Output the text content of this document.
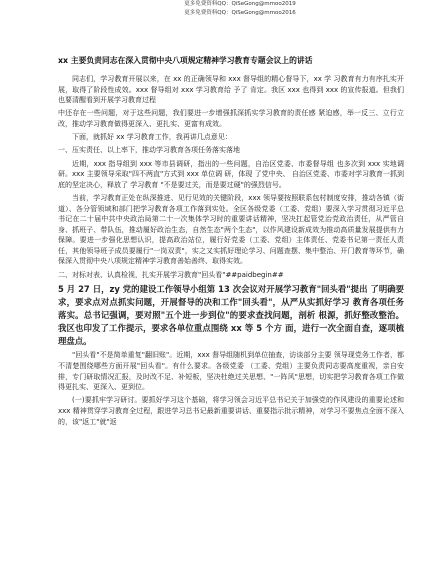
更多免费资料QQ：QiSeGong@mmoo2019
更多免费资料QQ：QiSeGong@mmoo2016
xx 主要负责同志在深入贯彻中央八项规定精神学习教育专题会议上的讲话

同志们，学习教育开展以来，在 xx 的正确领导和 xxx 督导组的精心督导下，xx 学 习教育有力有序扎实开展，取得了阶段性成效。xxx 督导组对 xxx 学习教育给 予了 肯定。我区 xxx 也得到 xxx 的宣传报道。但我们也要清醒看到开展学习教育过程

中还存在一些问题，对于这些问题，我们要进一步增强抓深抓实学习教育的责任感 紧迫感，举一反三、立行立改，推动学习教育做得更深入、更扎实、更富有成效。

下面，就抓好 xx 学习教育工作，我再讲几点意见：

一、压实责任、以上率下，推动学习教育各项任务落实落地

近期，xxx 指导组到 xxx 等市县调研，指出的一些问题，自治区党委、市委督导组 也多次到 xxx 实地调研。xxx 主要领导采取"四不两直"方式到 xxx 单位调 研，体现 了党中央、 自治区党委、市委对学习教育一抓到底的坚定决心，释放了 学习教育 "不是要过关，而是要过硬"的强烈信号。

当前，学习教育正处在纵深推进、见行见效的关键阶段，xxx 领导要按照联系包村制度安排，推动各镇（街道）、各分管领域和部门把学习教育各项工作落到实处。全区各级党委（工委、党组）要深入学习贯彻习近平总书记在二十届中共中央政治局第二十一次集体学习时的重要讲话精神，坚决扛起管党治党政治责任，从严管自身、抓班子、带队伍，推动履好政治生态，自然生态"两个生态"，以作风建设新成效为推动高质量发展提供有力保障。要进一步强化思想认识，提高政治站位，履行好党委（工委、党组）主体责任、党委书记第一责任人责任，其他领导班子成员要履行"一岗双责"，实之又实抓好理论学习、问题查摆、集中整治、开门教育等环节，确保深入贯彻中央八项规定精神学习教育善始善终、取得实效。

二、对标对表、认真检视，扎实开展学习教育"回头看"##paidbegin##

5 月 27 日，zy 党的建设工作领导小组第 13 次会议对开展学习教育"回头看"提出 了明确要求，要求点对点抓实问题，开展督导的决和工作"回头看"，从严从实抓好学习 教育各项任务落实。总书记强调，要对照"五个进一步到位"的要求查找问题，剖析 根源，抓好整改整治。我区也印发了工作提示，要求各单位重点围绕 xx 等 5 个方 面，进行一次全面自查，逐项梳理盘点。

"回头看"不是简单重复"翻旧账"。近期，xxx 督导组随机到单位抽查，访谈部分主要 领导现党务工作者，都不清楚围绕哪些方面开展"回头看"。有什么要求。各级党委 （工委、党组）主要负责同志要高度重视，亲自安排，专门研取情况汇报，及时改不足、补短板，坚决杜绝过关思想、"一阵风"思想，切实把学习教育各项工作做得更扎实、更深入、更到位。

(一)要抓牢学习研讨。要抓好学习这个基础，将学习领会习近平总书记关于加强党的作风建设的重要论述和 xxx 精神贯穿学习教育全过程，跟进学习总书记最新重要讲话、重要指示批示精神，对学习不要焦点全面不深入的，该"返工"就"返
